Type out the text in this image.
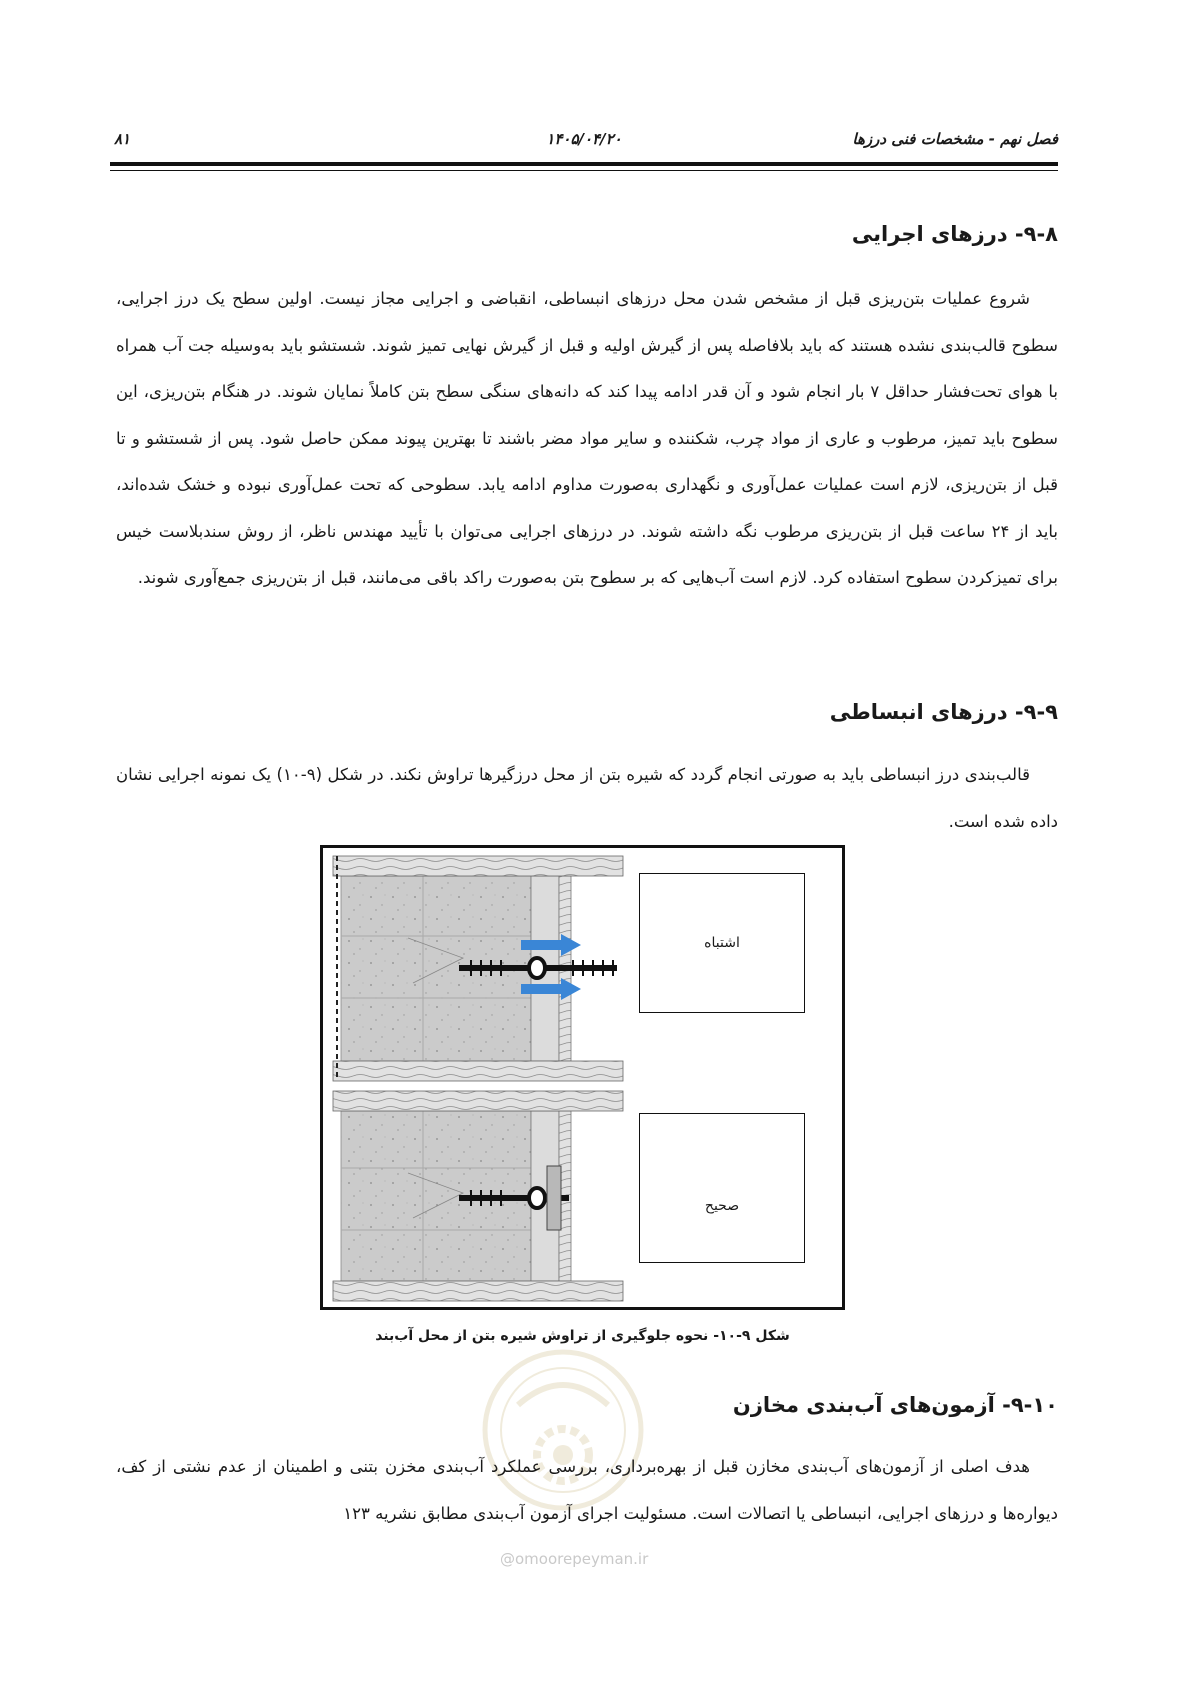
۸۱	۱۴۰۵/۰۴/۲۰	فصل نهم - مشخصات فنی درزها
۹-۸- درزهای اجرایی

شروع عملیات بتن‌ریزی قبل از مشخص شدن محل درزهای انبساطی، انقباضی و اجرایی مجاز نیست. اولین سطح یک درز اجرایی، سطوح قالب‌بندی نشده هستند که باید بلافاصله پس از گیرش اولیه و قبل از گیرش نهایی تمیز شوند. شستشو باید به‌وسیله جت آب همراه با هوای تحت‌فشار حداقل ۷ بار انجام شود و آن قدر ادامه پیدا کند که دانه‌های سنگی سطح بتن کاملاً نمایان شوند. در هنگام بتن‌ریزی، این سطوح باید تمیز، مرطوب و عاری از مواد چرب، شکننده و سایر مواد مضر باشند تا بهترین پیوند ممکن حاصل شود. پس از شستشو و تا قبل از بتن‌ریزی، لازم است عملیات عمل‌آوری و نگهداری به‌صورت مداوم ادامه یابد. سطوحی که تحت عمل‌آوری نبوده و خشک شده‌اند، باید از ۲۴ ساعت قبل از بتن‌ریزی مرطوب نگه داشته شوند. در درزهای اجرایی می‌توان با تأیید مهندس ناظر، از روش سندبلاست خیس برای تمیزکردن سطوح استفاده کرد. لازم است آب‌هایی که بر سطوح بتن به‌صورت راکد باقی می‌مانند، قبل از بتن‌ریزی جمع‌آوری شوند.

۹-۹- درزهای انبساطی

قالب‌بندی درز انبساطی باید به صورتی انجام گردد که شیره بتن از محل درزگیرها تراوش نکند. در شکل (۹-۱۰) یک نمونه اجرایی نشان داده شده است.

اشتباه
صحیح
شکل ۹-۱۰- نحوه جلوگیری از تراوش شیره بتن از محل آب‌بند
۹-۱۰- آزمون‌های آب‌بندی مخازن

هدف اصلی از آزمون‌های آب‌بندی مخازن قبل از بهره‌برداری، بررسی عملکرد آب‌بندی مخزن بتنی و اطمینان از عدم نشتی از کف، دیواره‌ها و درزهای اجرایی، انبساطی یا اتصالات است. مسئولیت اجرای آزمون آب‌بندی مطابق نشریه ۱۲۳

@omoorepeyman.ir
